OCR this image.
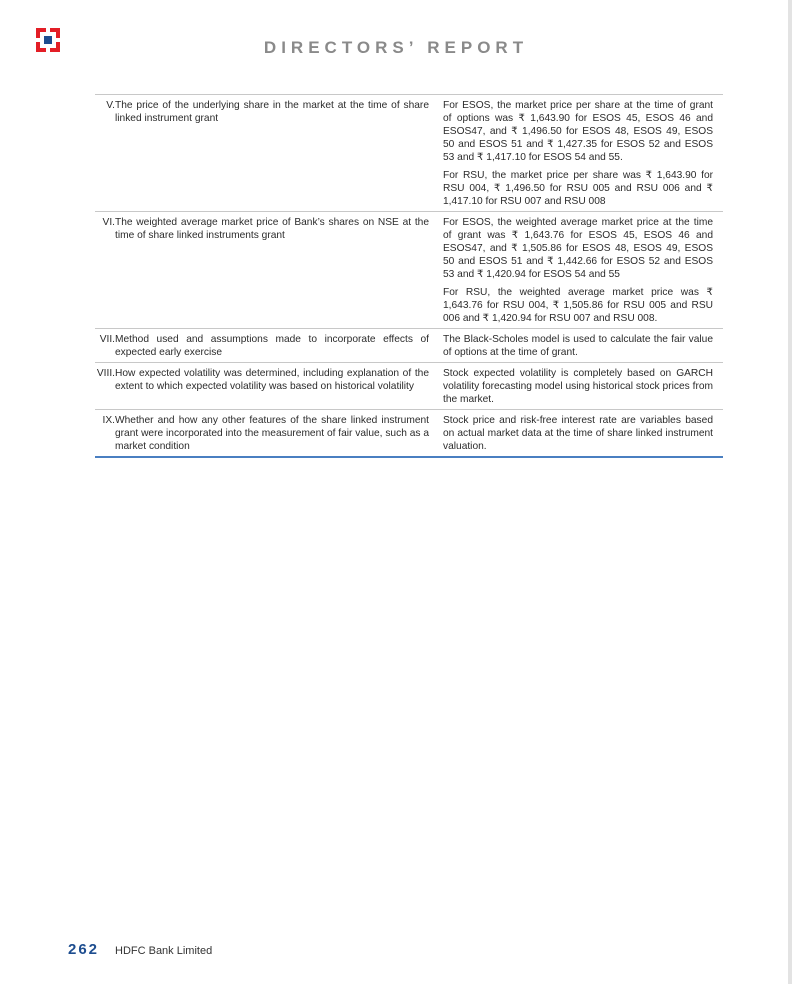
DIRECTORS’ REPORT
V. The price of the underlying share in the market at the time of share linked instrument grant

For ESOS, the market price per share at the time of grant of options was ₹ 1,643.90 for ESOS 45, ESOS 46 and ESOS47, and ₹ 1,496.50 for ESOS 48, ESOS 49, ESOS 50 and ESOS 51 and ₹ 1,427.35 for ESOS 52 and ESOS 53 and ₹ 1,417.10 for ESOS 54 and 55.

For RSU, the market price per share was ₹ 1,643.90 for RSU 004, ₹ 1,496.50 for RSU 005 and RSU 006 and ₹ 1,417.10 for RSU 007 and RSU 008

VI. The weighted average market price of Bank’s shares on NSE at the time of share linked instruments grant

For ESOS, the weighted average market price at the time of grant was ₹ 1,643.76 for ESOS 45, ESOS 46 and ESOS47, and ₹ 1,505.86 for ESOS 48, ESOS 49, ESOS 50 and ESOS 51 and ₹ 1,442.66 for ESOS 52 and ESOS 53 and ₹ 1,420.94 for ESOS 54 and 55

For RSU, the weighted average market price was ₹ 1,643.76 for RSU 004, ₹ 1,505.86 for RSU 005 and RSU 006 and ₹ 1,420.94 for RSU 007 and RSU 008.

VII. Method used and assumptions made to incorporate effects of expected early exercise

The Black-Scholes model is used to calculate the fair value of options at the time of grant.

VIII. How expected volatility was determined, including explanation of the extent to which expected volatility was based on historical volatility

Stock expected volatility is completely based on GARCH volatility forecasting model using historical stock prices from the market.

IX. Whether and how any other features of the share linked instrument grant were incorporated into the measurement of fair value, such as a market condition

Stock price and risk-free interest rate are variables based on actual market data at the time of share linked instrument valuation.

262 HDFC Bank Limited
